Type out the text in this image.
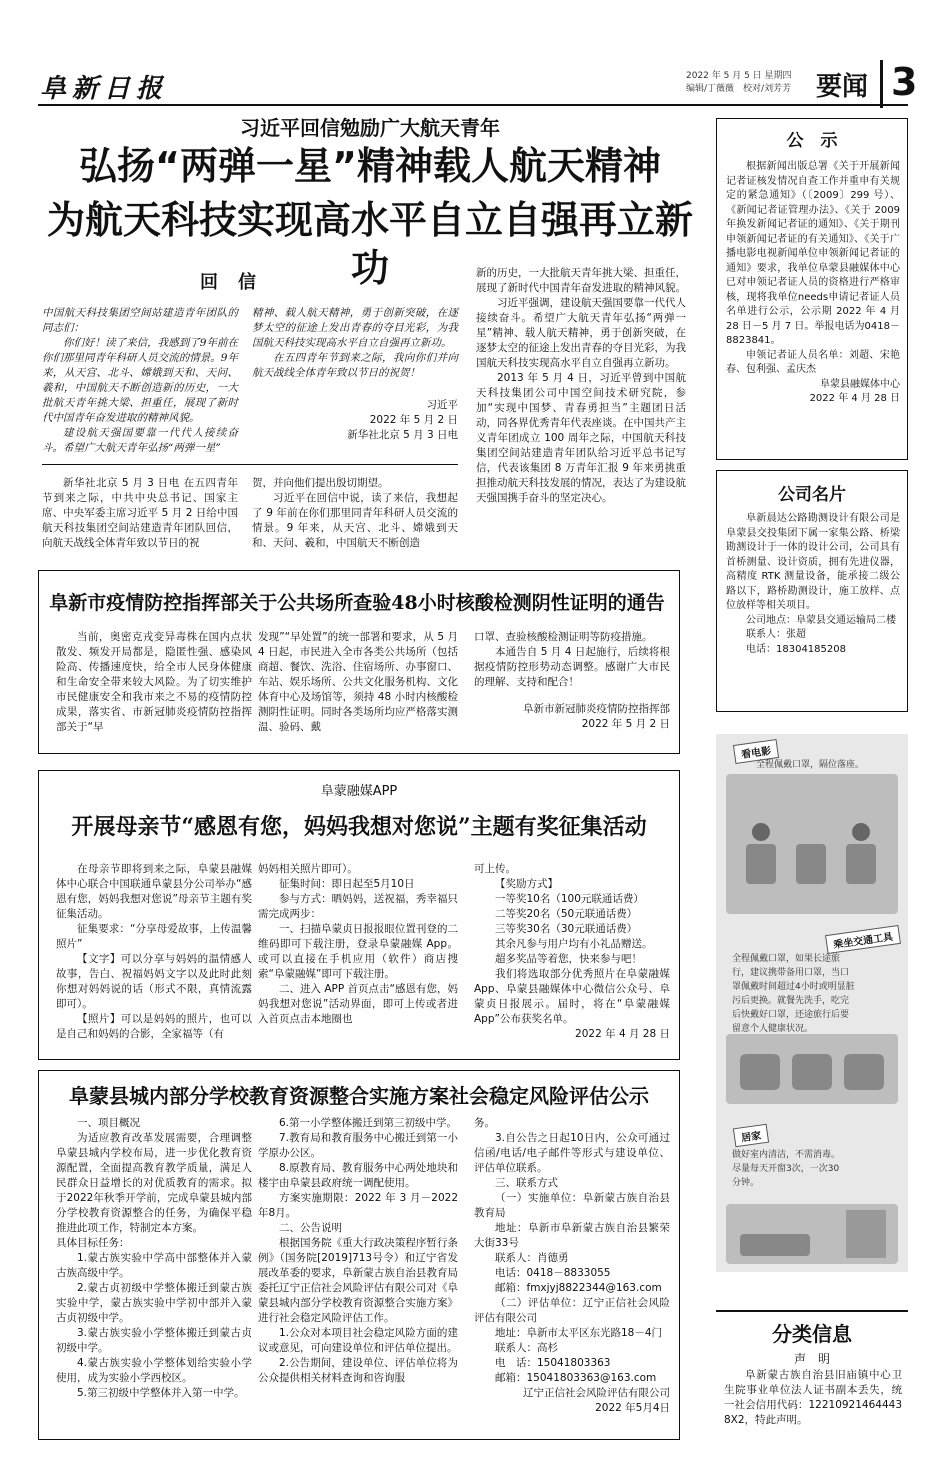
阜新日报	2022 年 5 月 5 日 星期四
编辑/丁薇薇　校对/刘芳芳 要闻 3
习近平回信勉励广大航天青年
弘扬“两弹一星”精神载人航天精神
为航天科技实现高水平自立自强再立新功
回信

中国航天科技集团空间站建造青年团队的同志们：

你们好！读了来信，我感到了9年前在你们那里同青年科研人员交流的情景。9年来，从天宫、北斗、嫦娥到天和、天问、羲和，中国航天不断创造新的历史，一大批航天青年挑大梁、担重任，展现了新时代中国青年奋发进取的精神风貌。

建设航天强国要靠一代代人接续奋斗。希望广大航天青年弘扬“两弹一星”

精神、载人航天精神，勇于创新突破，在逐梦太空的征途上发出青春的夺目光彩，为我国航天科技实现高水平自立自强再立新功。

在五四青年节到来之际，我向你们并向航天战线全体青年致以节日的祝贺！

习近平

2022 年 5 月 2 日

新华社北京 5 月 3 日电

新华社北京 5 月 3 日电 在五四青年节到来之际，中共中央总书记、国家主席、中央军委主席习近平 5 月 2 日给中国航天科技集团空间站建造青年团队回信，向航天战线全体青年致以节日的祝

贺，并向他们提出殷切期望。

习近平在回信中说，读了来信，我想起了 9 年前在你们那里同青年科研人员交流的情景。9 年来，从天宫、北斗、嫦娥到天和、天问、羲和，中国航天不断创造

新的历史，一大批航天青年挑大梁、担重任，展现了新时代中国青年奋发进取的精神风貌。

习近平强调，建设航天强国要靠一代代人接续奋斗。希望广大航天青年弘扬“两弹一星”精神、载人航天精神，勇于创新突破，在逐梦太空的征途上发出青春的夺目光彩，为我国航天科技实现高水平自立自强再立新功。

2013 年 5 月 4 日，习近平曾到中国航天科技集团公司中国空间技术研究院，参加“实现中国梦、青春勇担当”主题团日活动，同各界优秀青年代表座谈。在中国共产主义青年团成立 100 周年之际，中国航天科技集团空间站建造青年团队给习近平总书记写信，代表该集团 8 万青年汇报 9 年来勇挑重担推动航天科技发展的情况，表达了为建设航天强国携手奋斗的坚定决心。

公　示

根据新闻出版总署《关于开展新闻记者证核发情况自查工作并重申有关规定的紧急通知》（〔2009〕299 号）、《新闻记者证管理办法》、《关于 2009 年换发新闻记者证的通知》、《关于期刊申领新闻记者证的有关通知》、《关于广播电影电视新闻单位申领新闻记者证的通知》要求，我单位阜蒙县融媒体中心已对申领记者证人员的资格进行严格审核，现将我单位needs申请记者证人员名单进行公示，公示期 2022 年 4 月 28 日－5 月 7 日。举报电话为0418－8823841。

申领记者证人员名单：刘超、宋艳春、包利强、孟庆杰

阜蒙县融媒体中心

2022 年 4 月 28 日

公司名片

阜新晨达公路勘测设计有限公司是阜蒙县交投集团下属一家集公路、桥梁勘测设计于一体的设计公司，公司具有首桥测量、设计资质，拥有先进仪器，高精度 RTK 测量设备，能承接二级公路以下，路桥勘测设计，施工放样、点位放样等相关项目。

公司地点：阜蒙县交通运输局二楼

联系人：张超

电话：18304185208

阜新市疫情防控指挥部关于公共场所查验48小时核酸检测阴性证明的通告

当前，奥密克戎变异毒株在国内点状散发、频发开局都是，隐匿性强、感染风险高、传播速度快，给全市人民身体健康和生命安全带来较大风险。为了切实维护市民健康安全和我市来之不易的疫情防控成果，落实省、市新冠肺炎疫情防控指挥部关于“早

发现”“早处置”的统一部署和要求，从 5 月 4 日起，市民进入全市各类公共场所（包括商超、餐饮、洗浴、住宿场所、办事窗口、车站、娱乐场所、公共文化服务机构、文化体育中心及场馆等，须持 48 小时内核酸检测阴性证明。同时各类场所均应严格落实测温、验码、戴

口罩、查验核酸检测证明等防疫措施。

本通告自 5 月 4 日起施行，后续将根据疫情防控形势动态调整。感谢广大市民的理解、支持和配合！

阜新市新冠肺炎疫情防控指挥部

2022 年 5 月 2 日

阜蒙融媒APP
开展母亲节“感恩有您，妈妈我想对您说”主题有奖征集活动

在母亲节即将到来之际，阜蒙县融媒体中心联合中国联通阜蒙县分公司举办“感恩有您，妈妈我想对您说”母亲节主题有奖征集活动。

征集要求：“分享母爱故事，上传温馨照片”

【文字】可以分享与妈妈的温情感人故事，告白、祝福妈妈文字以及此时此刻你想对妈妈说的话（形式不限，真情流露即可）。

【照片】可以是妈妈的照片，也可以是自己和妈妈的合影，全家福等（有

妈妈相关照片即可）。

征集时间：即日起至5月10日

参与方式：晒妈妈，送祝福，秀幸福只需完成两步：

一、扫描阜蒙贞日报报眼位置刊登的二维码即可下载注册，登录阜蒙融媒 App。或可以直接在手机应用（软件）商店搜索“阜蒙融媒”即可下载注册。

二、进入 APP 首页点击“感恩有您，妈妈我想对您说”活动界面，即可上传或者进入首页点击本地圈也

可上传。

【奖励方式】

一等奖10名（100元联通话费）

二等奖20名（50元联通话费）

三等奖30名（30元联通话费）

其余凡参与用户均有小礼品赠送。

超多奖品等着您，快来参与吧！

我们将选取部分优秀照片在阜蒙融媒 App、阜蒙县融媒体中心微信公众号、阜蒙贞日报展示。届时，将在“阜蒙融媒 App”公布获奖名单。

2022 年 4 月 28 日

阜蒙县城内部分学校教育资源整合实施方案社会稳定风险评估公示

一、项目概况

为适应教育改革发展需要，合理调整阜蒙县城内学校布局，进一步优化教育资源配置，全面提高教育教学质量，满足人民群众日益增长的对优质教育的需求。拟于2022年秋季开学前，完成阜蒙县城内部分学校教育资源整合的任务，为确保平稳推进此项工作，特制定本方案。

具体目标任务：

1.蒙古族实验中学高中部整体并入蒙古族高级中学。

2.蒙古贞初级中学整体搬迁到蒙古族实验中学，蒙古族实验中学初中部并入蒙古贞初级中学。

3.蒙古族实验小学整体搬迁到蒙古贞初级中学。

4.蒙古族实验小学整体划给实验小学使用，成为实验小学西校区。

5.第三初级中学整体并入第一中学。

6.第一小学整体搬迁到第三初级中学。

7.教育局和教育服务中心搬迁到第一小学原办公区。

8.原教育局、教育服务中心两处地块和楼宇由阜蒙县政府统一调配使用。

方案实施期限：2022 年 3 月－2022年8月。

二、公告说明

根据国务院《重大行政决策程序暂行条例》（国务院[2019]713号令）和辽宁省发展改革委的要求，阜新蒙古族自治县教育局委托辽宁正信社会风险评估有限公司对《阜蒙县城内部分学校教育资源整合实施方案》进行社会稳定风险评估工作。

1.公众对本项目社会稳定风险方面的建议或意见，可向建设单位和评估单位提出。

2.公告期间，建设单位、评估单位将为公众提供相关材料查询和咨询服

务。

3.自公告之日起10日内，公众可通过信函/电话/电子邮件等形式与建设单位、评估单位联系。

三、联系方式

（一）实施单位：阜新蒙古族自治县教育局

地址：阜新市阜新蒙古族自治县繁荣大街33号

联系人：肖德勇

电话：0418－8833055

邮箱：fmxjyj8822344@163.com

（二）评估单位：辽宁正信社会风险评估有限公司

地址：阜新市太平区东光路18－4门

联系人：高杉

电　话：15041803363

邮箱：15041803363@163.com

辽宁正信社会风险评估有限公司

2022 年5月4日

看电影
全程佩戴口罩，隔位落座。
乘坐交通工具
全程佩戴口罩，如果长途旅行，建议携带备用口罩，当口罩佩戴时间超过4小时或明显脏污后更换。就餐先洗手，吃完后快戴好口罩，还途旅行后要留意个人健康状况。
居家
做好室内清洁，不需消毒。尽量每天开窗3次，一次30分钟。
分类信息
声　明

阜新蒙古族自治县旧庙镇中心卫生院事业单位法人证书副本丢失，统一社会信用代码：12210921464443 8X2，特此声明。
